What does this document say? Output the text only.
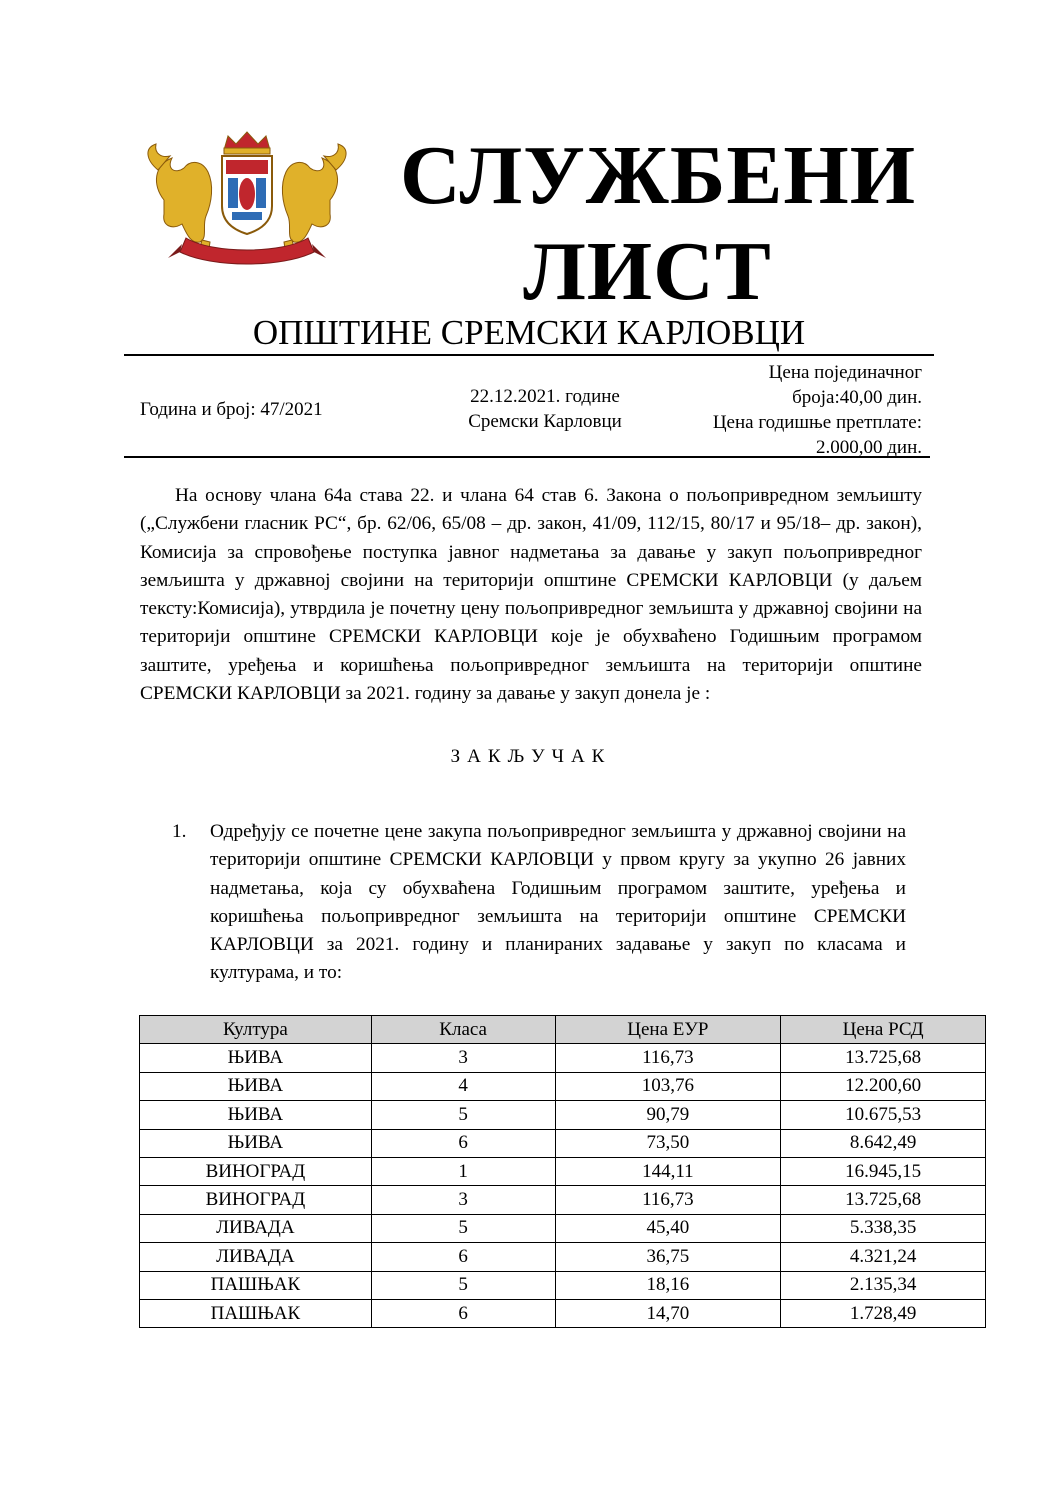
СЛУЖБЕНИ
ЛИСТ
ОПШТИНЕ СРЕМСКИ КАРЛОВЦИ
Година и број: 47/2021
22.12.2021. године
Сремски Карловци
Цена појединачног
броја:40,00 дин.
Цена годишње претплате:
2.000,00 дин.
На основу члана 64а става 22. и члана 64 став 6. Закона о пољопривредном земљишту („Службени гласник РС“, бр. 62/06, 65/08 – др. закон, 41/09, 112/15, 80/17 и 95/18– др. закон), Комисија за спровођење поступка јавног надметања за давање у закуп пољопривредног земљишта у државној својини на територији општине СРЕМСКИ КАРЛОВЦИ (у даљем тексту:Комисија), утврдила је почетну цену пољопривредног земљишта у државној својини на територији општине СРЕМСКИ КАРЛОВЦИ које је обухваћено Годишњим програмом заштите, уређења и коришћења пољопривредног земљишта на територији општине СРЕМСКИ КАРЛОВЦИ за 2021. годину за давање у закуп донела је :
ЗАКЉУЧАК
1. Одређују се почетне цене закупа пољопривредног земљишта у државној својини на територији општине СРЕМСКИ КАРЛОВЦИ у првом кругу за укупно 26 јавних надметања, која су обухваћена Годишњим програмом заштите, уређења и коришћења пољопривредног земљишта на територији општине СРЕМСКИ КАРЛОВЦИ за 2021. годину и планираних задавање у закуп по класама и културама, и то:
Култура	Класа	Цена ЕУР	Цена РСД
ЊИВА	3	116,73	13.725,68
ЊИВА	4	103,76	12.200,60
ЊИВА	5	90,79	10.675,53
ЊИВА	6	73,50	8.642,49
ВИНОГРАД	1	144,11	16.945,15
ВИНОГРАД	3	116,73	13.725,68
ЛИВАДА	5	45,40	5.338,35
ЛИВАДА	6	36,75	4.321,24
ПАШЊАК	5	18,16	2.135,34
ПАШЊАК	6	14,70	1.728,49
